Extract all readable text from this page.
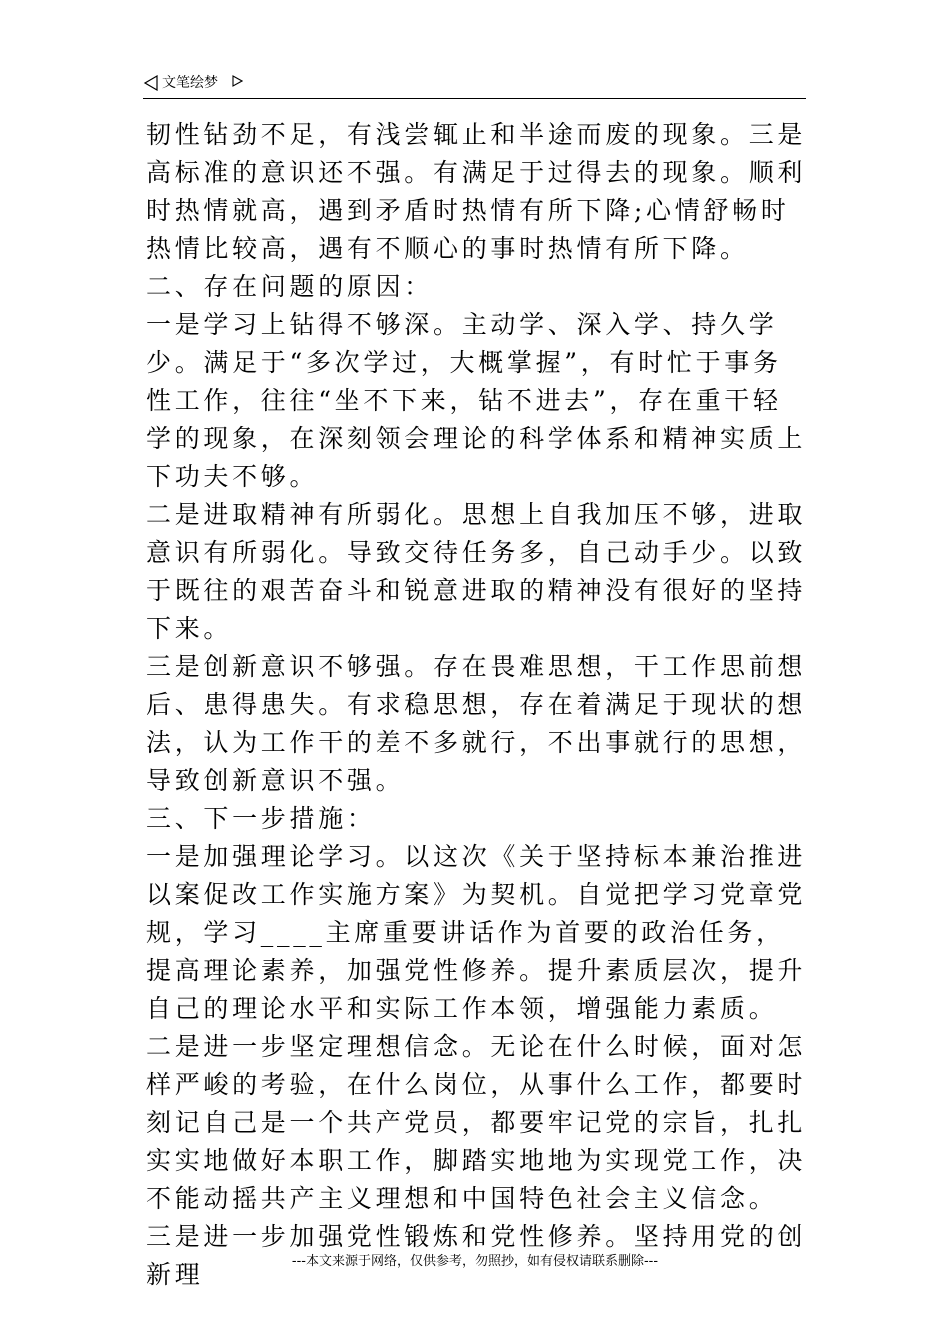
文笔绘梦

韧性钻劲不足，有浅尝辄止和半途而废的现象。三是高标准的意识还不强。有满足于过得去的现象。顺利时热情就高，遇到矛盾时热情有所下降;心情舒畅时热情比较高，遇有不顺心的事时热情有所下降。

二、存在问题的原因：

一是学习上钻得不够深。主动学、深入学、持久学少。满足于“多次学过，大概掌握”，有时忙于事务性工作，往往“坐不下来，钻不进去”，存在重干轻学的现象，在深刻领会理论的科学体系和精神实质上下功夫不够。

二是进取精神有所弱化。思想上自我加压不够，进取意识有所弱化。导致交待任务多，自己动手少。以致于既往的艰苦奋斗和锐意进取的精神没有很好的坚持下来。

三是创新意识不够强。存在畏难思想，干工作思前想后、患得患失。有求稳思想，存在着满足于现状的想法，认为工作干的差不多就行，不出事就行的思想，导致创新意识不强。

三、下一步措施：

一是加强理论学习。以这次《关于坚持标本兼治推进以案促改工作实施方案》为契机。自觉把学习党章党规，学习____主席重要讲话作为首要的政治任务，提高理论素养，加强党性修养。提升素质层次，提升自己的理论水平和实际工作本领，增强能力素质。

二是进一步坚定理想信念。无论在什么时候，面对怎样严峻的考验，在什么岗位，从事什么工作，都要时刻记自己是一个共产党员，都要牢记党的宗旨，扎扎实实地做好本职工作，脚踏实地地为实现党工作，决不能动摇共产主义理想和中国特色社会主义信念。

三是进一步加强党性锻炼和党性修养。坚持用党的创新理	---本文来源于网络，仅供参考，勿照抄，如有侵权请联系删除---
